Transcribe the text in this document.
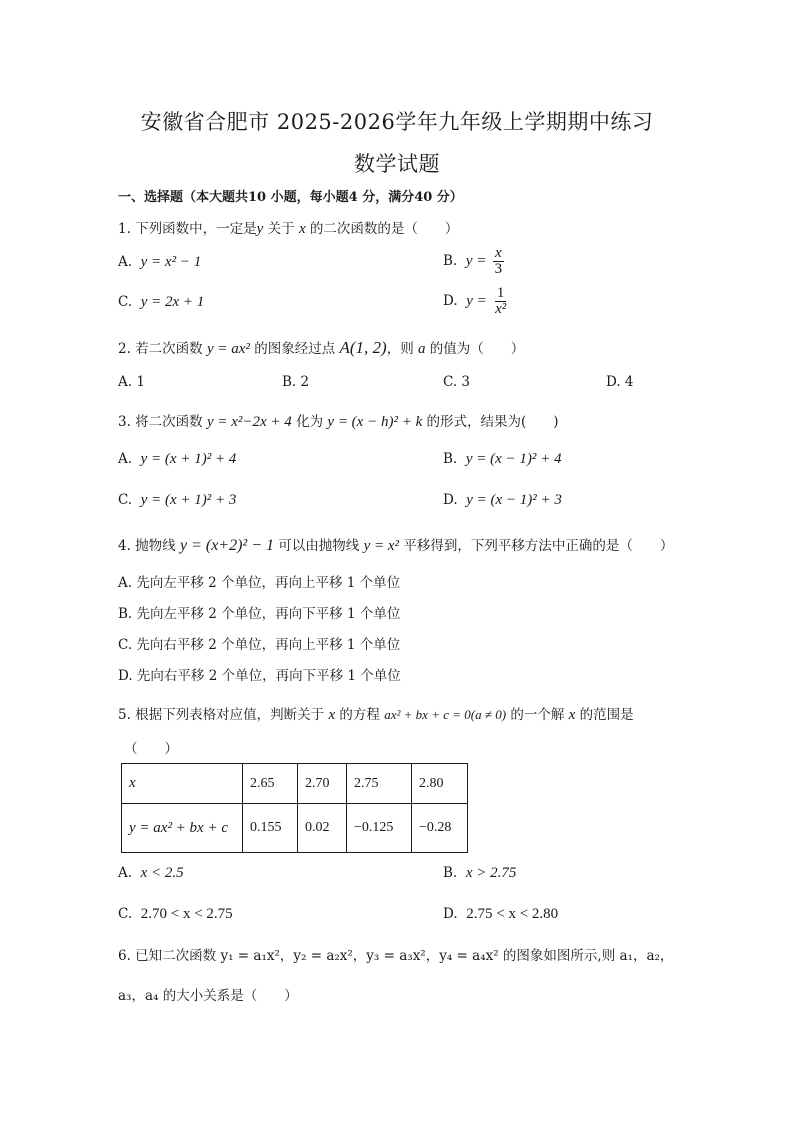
安徽省合肥市 2025-2026学年九年级上学期期中练习
数学试题
一、选择题（本大题共10 小题，每小题4 分，满分40 分）
1. 下列函数中，一定是y 关于 x 的二次函数的是（　　）
A. y = x² − 1	B. $y = \frac{x}{3}$
C. y = 2x + 1	D. $y = \frac{1}{\text{x²}}$
2. 若二次函数 y = ax² 的图象经过点 A(1, 2)，则 a 的值为（　　）
A. 1	B. 2	C. 3	D. 4
3. 将二次函数 y = x²−2x + 4 化为 y = (x − h)² + k 的形式，结果为(　　)
A. y = (x + 1)² + 4	B. y = (x − 1)² + 4
C. y = (x + 1)² + 3	D. y = (x − 1)² + 3
4. 抛物线 y = (x+2)² − 1 可以由抛物线 y = x² 平移得到，下列平移方法中正确的是（　　）
A. 先向左平移 2 个单位，再向上平移 1 个单位
B. 先向左平移 2 个单位，再向下平移 1 个单位
C. 先向右平移 2 个单位，再向上平移 1 个单位
D. 先向右平移 2 个单位，再向下平移 1 个单位
5. 根据下列表格对应值，判断关于 x 的方程 ax² + bx + c = 0(a ≠ 0) 的一个解 x 的范围是
（　　）
x	2.65	2.70	2.75	2.80
y = ax² + bx + c	0.155	0.02	−0.125	−0.28
A. x < 2.5	B. x > 2.75
C. 2.70 < x < 2.75	D. 2.75 < x < 2.80
6. 已知二次函数 y₁ = a₁x²，y₂ = a₂x²，y₃ = a₃x²，y₄ = a₄x² 的图象如图所示,则 a₁，a₂，
a₃，a₄ 的大小关系是（　　）
